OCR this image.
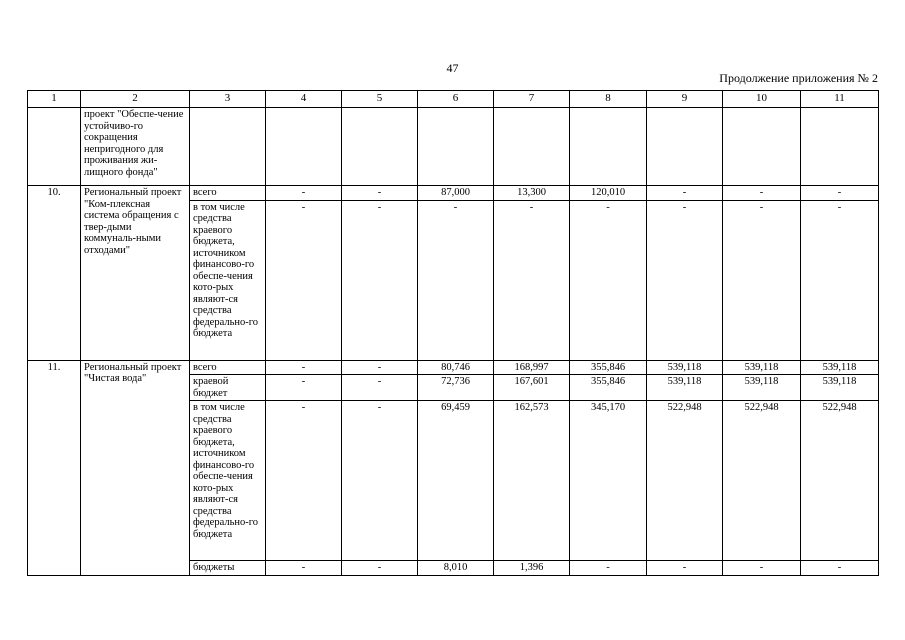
47
Продолжение приложения № 2
1	2	3	4	5	6	7	8	9	10	11
	проект "Обеспе-чение устойчиво-го сокращения непригодного для проживания жи-лищного фонда"									
10.	Региональный проект "Ком-плексная система обращения с твер-дыми коммуналь-ными отходами"	всего	-	-	87,000	13,300	120,010	-	-	-
		в том числе средства краевого бюджета, источником финансово-го обеспе-чения кото-рых являют-ся средства федерально-го бюджета	-	-	-	-	-	-	-	-
11.	Региональный проект "Чистая вода"	всего	-	-	80,746	168,997	355,846	539,118	539,118	539,118
		краевой бюджет	-	-	72,736	167,601	355,846	539,118	539,118	539,118
		в том числе средства краевого бюджета, источником финансово-го обеспе-чения кото-рых являют-ся средства федерально-го бюджета	-	-	69,459	162,573	345,170	522,948	522,948	522,948
		бюджеты	-	-	8,010	1,396	-	-	-	-
